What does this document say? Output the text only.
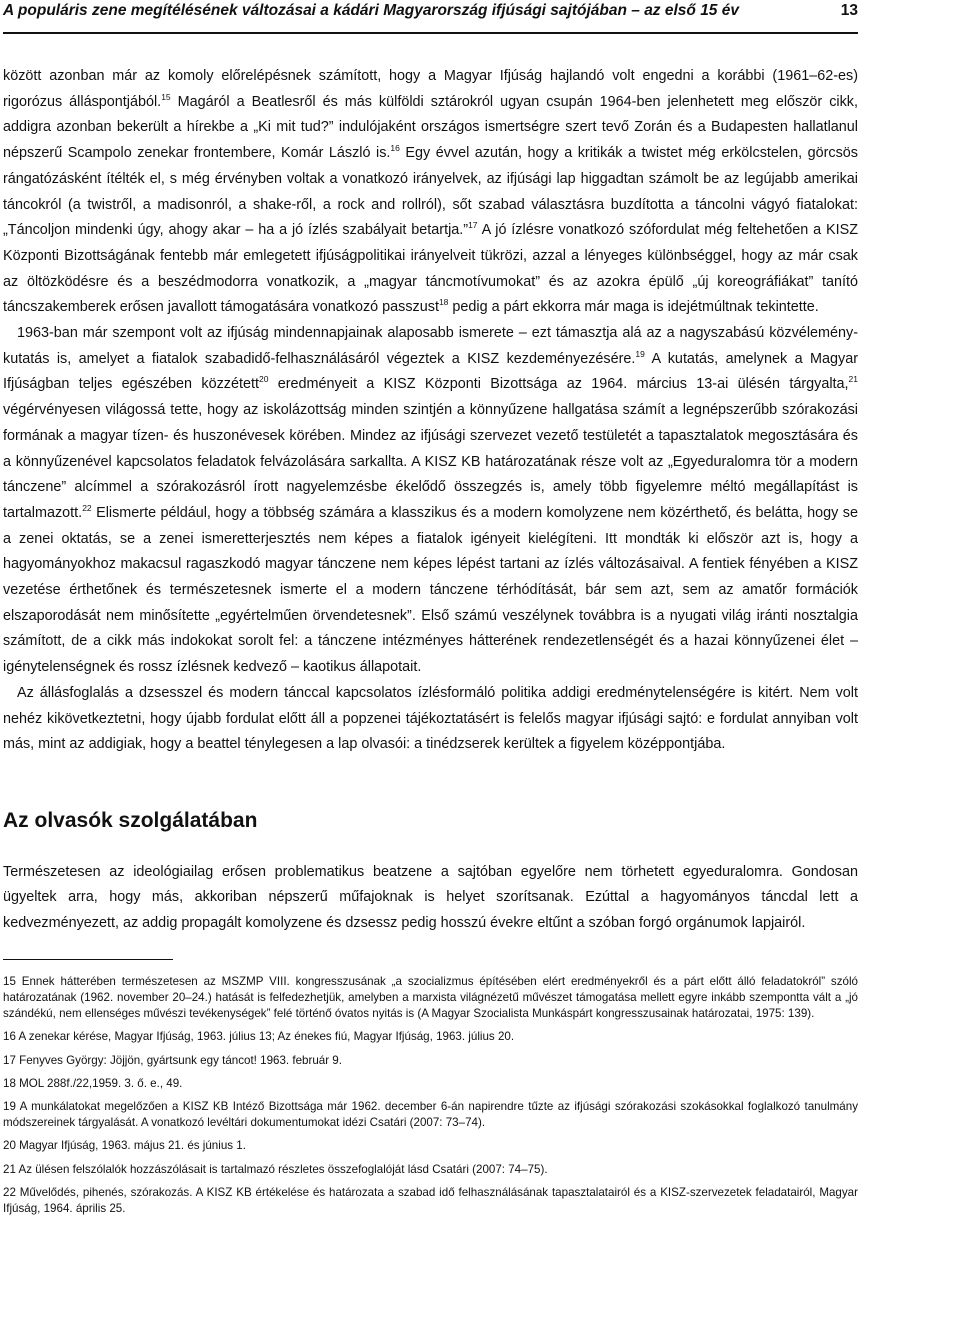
A populáris zene megítélésének változásai a kádári Magyarország ifjúsági sajtójában – az első 15 év	13

között azonban már az komoly előrelépésnek számított, hogy a Magyar Ifjúság hajlandó volt engedni a korábbi (1961–62-es) rigorózus álláspontjából.$^{15}$ Magáról a Beatlesről és más külföldi sztárokról ugyan csupán 1964-ben jelenhetett meg először cikk, addigra azonban bekerült a hírekbe a „Ki mit tud?” indulójaként országos ismertségre szert tevő Zorán és a Budapesten hallatlanul népszerű Scampolo zenekar frontembere, Komár László is.$^{16}$ Egy évvel azután, hogy a kritikák a twistet még erkölcstelen, görcsös rángatózásként ítélték el, s még érvényben voltak a vonatkozó irányelvek, az ifjúsági lap higgadtan számolt be az legújabb amerikai táncokról (a twistről, a madisonról, a shake-ről, a rock and rollról), sőt szabad választásra buzdította a táncolni vágyó fiatalokat: „Táncoljon mindenki úgy, ahogy akar – ha a jó ízlés szabályait betartja.”$^{17}$ A jó ízlésre vonatkozó szófordulat még feltehetően a KISZ Központi Bizottságának fentebb már emlegetett ifjúságpolitikai irányelveit tükrözi, azzal a lényeges különbséggel, hogy az már csak az öltözködésre és a beszédmodorra vonatkozik, a „magyar táncmotívumokat” és az azokra épülő „új koreográfiákat” tanító táncszakemberek erősen javallott támogatására vonatkozó passzust$^{18}$ pedig a párt ekkorra már maga is idejétmúltnak tekintette.

1963-ban már szempont volt az ifjúság mindennapjainak alaposabb ismerete – ezt támasztja alá az a nagyszabású közvélemény-kutatás is, amelyet a fiatalok szabadidő-felhasználásáról végeztek a KISZ kezdeményezésére.$^{19}$ A kutatás, amelynek a Magyar Ifjúságban teljes egészében közzétett$^{20}$ eredményeit a KISZ Központi Bizottsága az 1964. március 13-ai ülésén tárgyalta,$^{21}$ végérvényesen világossá tette, hogy az iskolázottság minden szintjén a könnyűzene hallgatása számít a legnépszerűbb szórakozási formának a magyar tízen- és huszonévesek körében. Mindez az ifjúsági szervezet vezető testületét a tapasztalatok megosztására és a könnyűzenével kapcsolatos feladatok felvázolására sarkallta. A KISZ KB határozatának része volt az „Egyeduralomra tör a modern tánczene” alcímmel a szórakozásról írott nagyelemzésbe ékelődő összegzés is, amely több figyelemre méltó megállapítást is tartalmazott.$^{22}$ Elismerte például, hogy a többség számára a klasszikus és a modern komolyzene nem közérthető, és belátta, hogy se a zenei oktatás, se a zenei ismeretterjesztés nem képes a fiatalok igényeit kielégíteni. Itt mondták ki először azt is, hogy a hagyományokhoz makacsul ragaszkodó magyar tánczene nem képes lépést tartani az ízlés változásaival. A fentiek fényében a KISZ vezetése érthetőnek és természetesnek ismerte el a modern tánczene térhódítását, bár sem azt, sem az amatőr formációk elszaporodását nem minősítette „egyértelműen örvendetesnek”. Első számú veszélynek továbbra is a nyugati világ iránti nosztalgia számított, de a cikk más indokokat sorolt fel: a tánczene intézményes hátterének rendezetlenségét és a hazai könnyűzenei élet – igénytelenségnek és rossz ízlésnek kedvező – kaotikus állapotait.

Az állásfoglalás a dzsesszel és modern tánccal kapcsolatos ízlésformáló politika addigi eredménytelenségére is kitért. Nem volt nehéz kikövetkeztetni, hogy újabb fordulat előtt áll a popzenei tájékoztatásért is felelős magyar ifjúsági sajtó: e fordulat annyiban volt más, mint az addigiak, hogy a beattel ténylegesen a lap olvasói: a tinédzserek kerültek a figyelem középpontjába.

Az olvasók szolgálatában

Természetesen az ideológiailag erősen problematikus beatzene a sajtóban egyelőre nem törhetett egyeduralomra. Gondosan ügyeltek arra, hogy más, akkoriban népszerű műfajoknak is helyet szorítsanak. Ezúttal a hagyományos táncdal lett a kedvezményezett, az addig propagált komolyzene és dzsessz pedig hosszú évekre eltűnt a szóban forgó orgánumok lapjairól.

15 Ennek hátterében természetesen az MSZMP VIII. kongresszusának „a szocializmus építésében elért eredményekről és a párt előtt álló feladatokról” szóló határozatának (1962. november 20–24.) hatását is felfedezhetjük, amelyben a marxista világnézetű művészet támogatása mellett egyre inkább szempontta vált a „jó szándékú, nem ellenséges művészi tevékenységek” felé történő óvatos nyitás is (A Magyar Szocialista Munkáspárt kongresszusainak határozatai, 1975: 139).

16 A zenekar kérése, Magyar Ifjúság, 1963. július 13; Az énekes fiú, Magyar Ifjúság, 1963. július 20.

17 Fenyves György: Jöjjön, gyártsunk egy táncot! 1963. február 9.

18 MOL 288f./22,1959. 3. ő. e., 49.

19 A munkálatokat megelőzően a KISZ KB Intéző Bizottsága már 1962. december 6-án napirendre tűzte az ifjúsági szórakozási szokásokkal foglalkozó tanulmány módszereinek tárgyalását. A vonatkozó levéltári dokumentumokat idézi Csatári (2007: 73–74).

20 Magyar Ifjúság, 1963. május 21. és június 1.

21 Az ülésen felszólalók hozzászólásait is tartalmazó részletes összefoglalóját lásd Csatári (2007: 74–75).

22 Művelődés, pihenés, szórakozás. A KISZ KB értékelése és határozata a szabad idő felhasználásának tapasztalatairól és a KISZ-szervezetek feladatairól, Magyar Ifjúság, 1964. április 25.
